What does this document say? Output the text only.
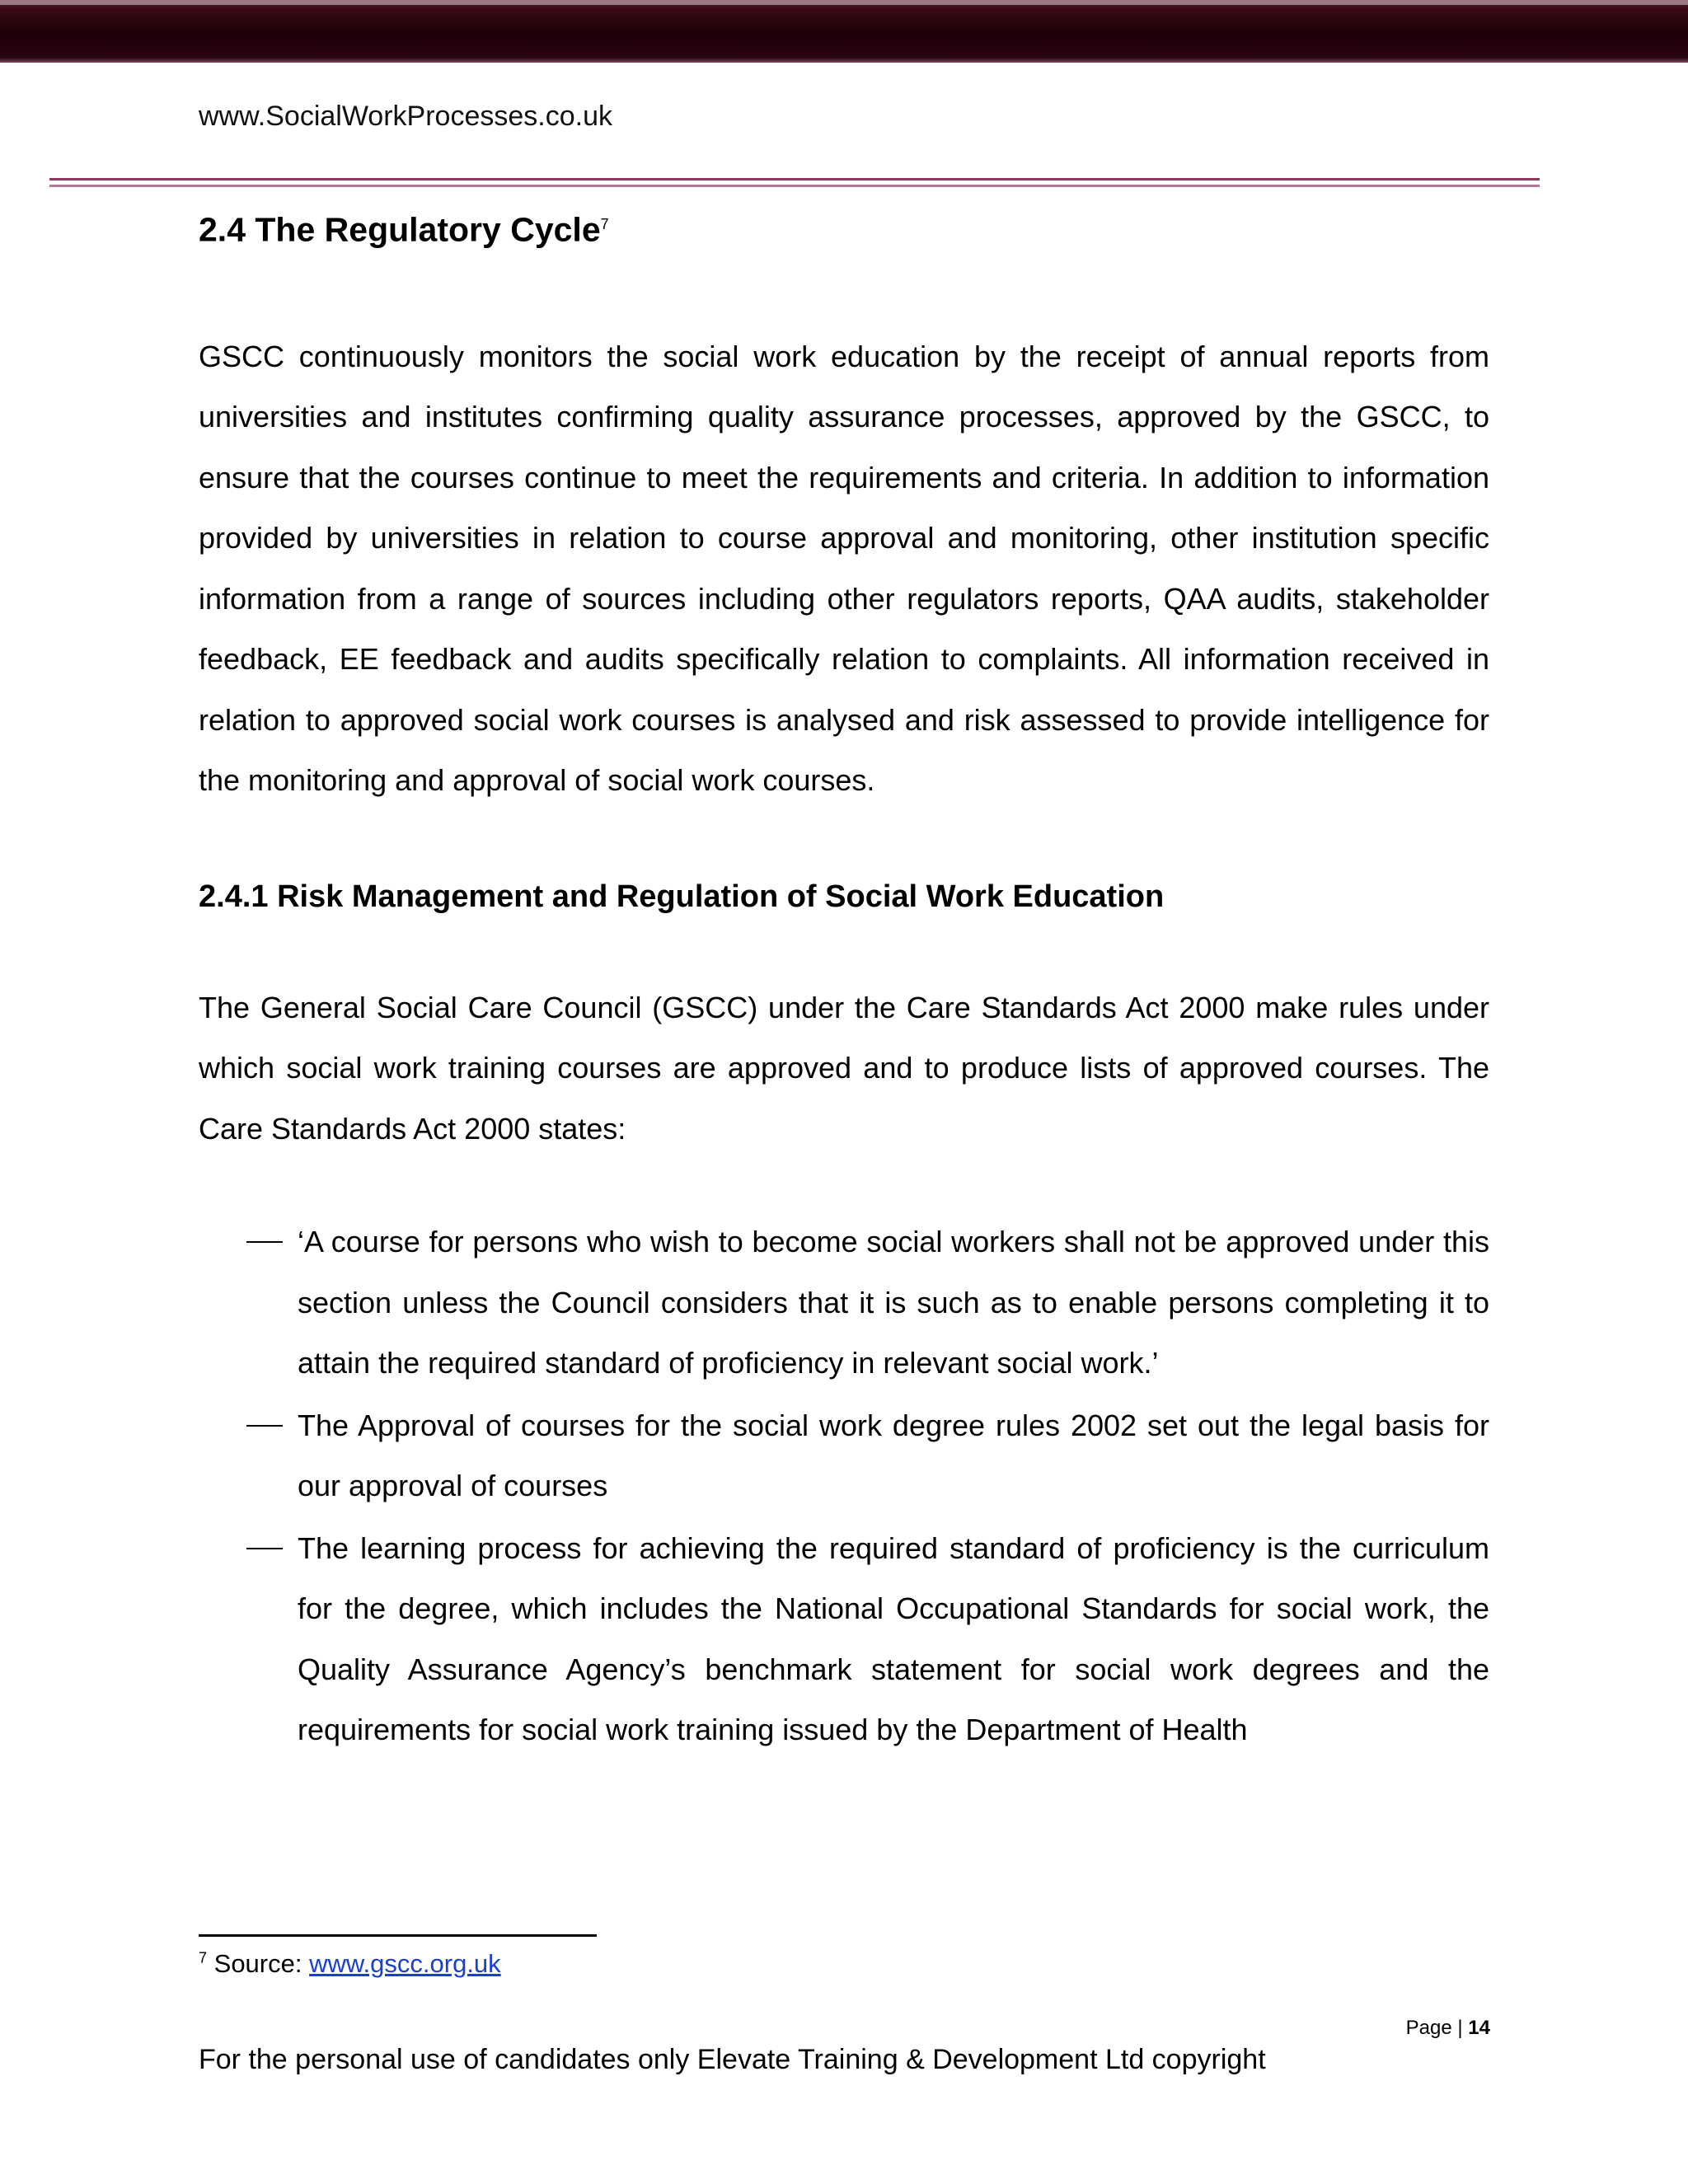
www.SocialWorkProcesses.co.uk
2.4 The Regulatory Cycle$^7$

GSCC continuously monitors the social work education by the receipt of annual reports from universities and institutes confirming quality assurance processes, approved by the GSCC, to ensure that the courses continue to meet the requirements and criteria. In addition to information provided by universities in relation to course approval and monitoring, other institution specific information from a range of sources including other regulators reports, QAA audits, stakeholder feedback, EE feedback and audits specifically relation to complaints. All information received in relation to approved social work courses is analysed and risk assessed to provide intelligence for the monitoring and approval of social work courses.

2.4.1 Risk Management and Regulation of Social Work Education

The General Social Care Council (GSCC) under the Care Standards Act 2000 make rules under which social work training courses are approved and to produce lists of approved courses. The Care Standards Act 2000 states:

‘A course for persons who wish to become social workers shall not be approved under this section unless the Council considers that it is such as to enable persons completing it to attain the required standard of proficiency in relevant social work.’
The Approval of courses for the social work degree rules 2002 set out the legal basis for our approval of courses
The learning process for achieving the required standard of proficiency is the curriculum for the degree, which includes the National Occupational Standards for social work, the Quality Assurance Agency’s benchmark statement for social work degrees and the requirements for social work training issued by the Department of Health
$^7$ Source: www.gscc.org.uk
Page | 14
For the personal use of candidates only Elevate Training & Development Ltd copyright
